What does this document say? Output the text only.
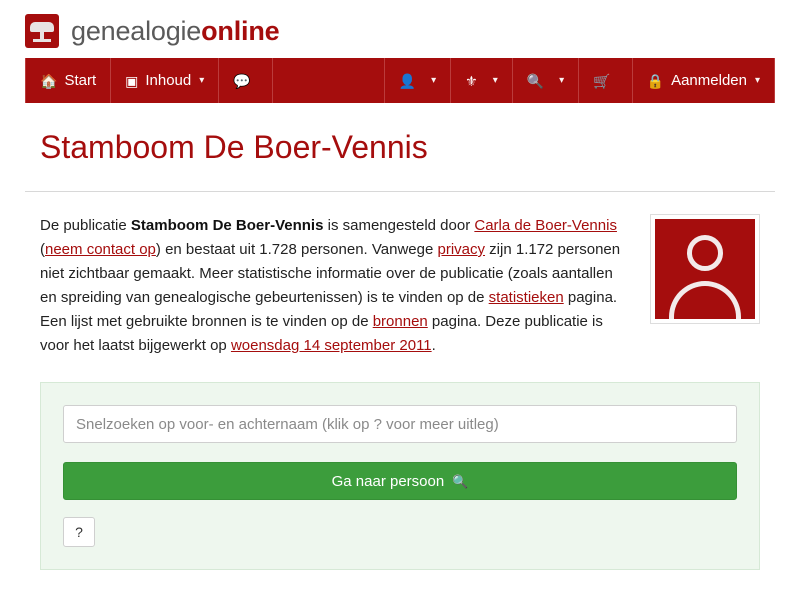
genealogieonline
🏠 Start ▣ Inhoud ▾ 💬	👤 ▾ ⚜ ▾ 🔍 ▾ 🛒	🔒 Aanmelden ▾
Stamboom De Boer-Vennis
De publicatie Stamboom De Boer-Vennis is samengesteld door Carla de Boer-Vennis (neem contact op) en bestaat uit 1.728 personen. Vanwege privacy zijn 1.172 personen niet zichtbaar gemaakt. Meer statistische informatie over de publicatie (zoals aantallen en spreiding van genealogische gebeurtenissen) is te vinden op de statistieken pagina. Een lijst met gebruikte bronnen is te vinden op de bronnen pagina. Deze publicatie is voor het laatst bijgewerkt op woensdag 14 september 2011.
Snelzoeken op voor- en achternaam (klik op ? voor meer uitleg)
Ga naar persoon 🔍
?
